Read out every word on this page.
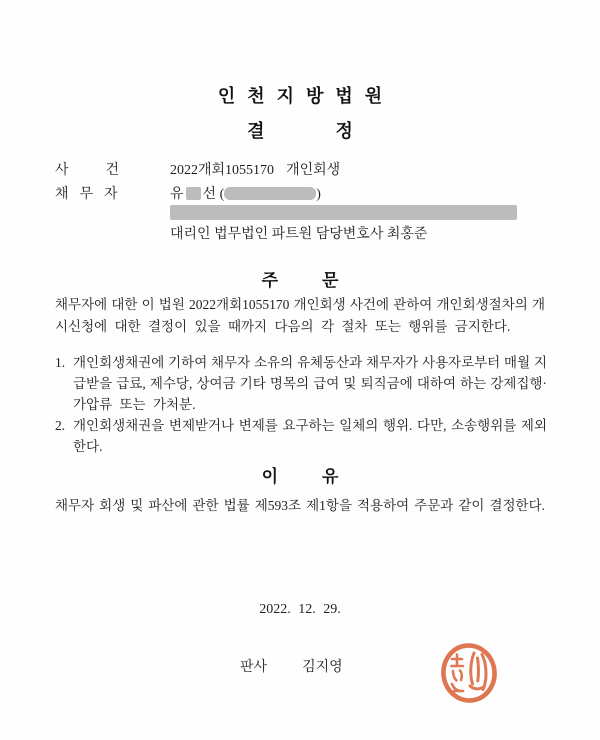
인천지방법원
결정
사건 2022개회1055170 개인회생
채무자	유 선 (	)
대리인 법무법인 파트원 담당변호사 최홍준
주문
채무자에 대한 이 법원 2022개회1055170 개인회생 사건에 관하여 개인회생절차의 개
시신청에 대한 결정이 있을 때까지 다음의 각 절차 또는 행위를 금지한다.
1. 개인회생채권에 기하여 채무자 소유의 유체동산과 채무자가 사용자로부터 매월 지
급받을 급료, 제수당, 상여금 기타 명목의 급여 및 퇴직금에 대하여 하는 강제집행·
가압류 또는 가처분.
2. 개인회생채권을 변제받거나 변제를 요구하는 일체의 행위. 다만, 소송행위를 제외
한다.
이유
채무자 회생 및 파산에 관한 법률 제593조 제1항을 적용하여 주문과 같이 결정한다.
2022. 12. 29.
판사	김지영
